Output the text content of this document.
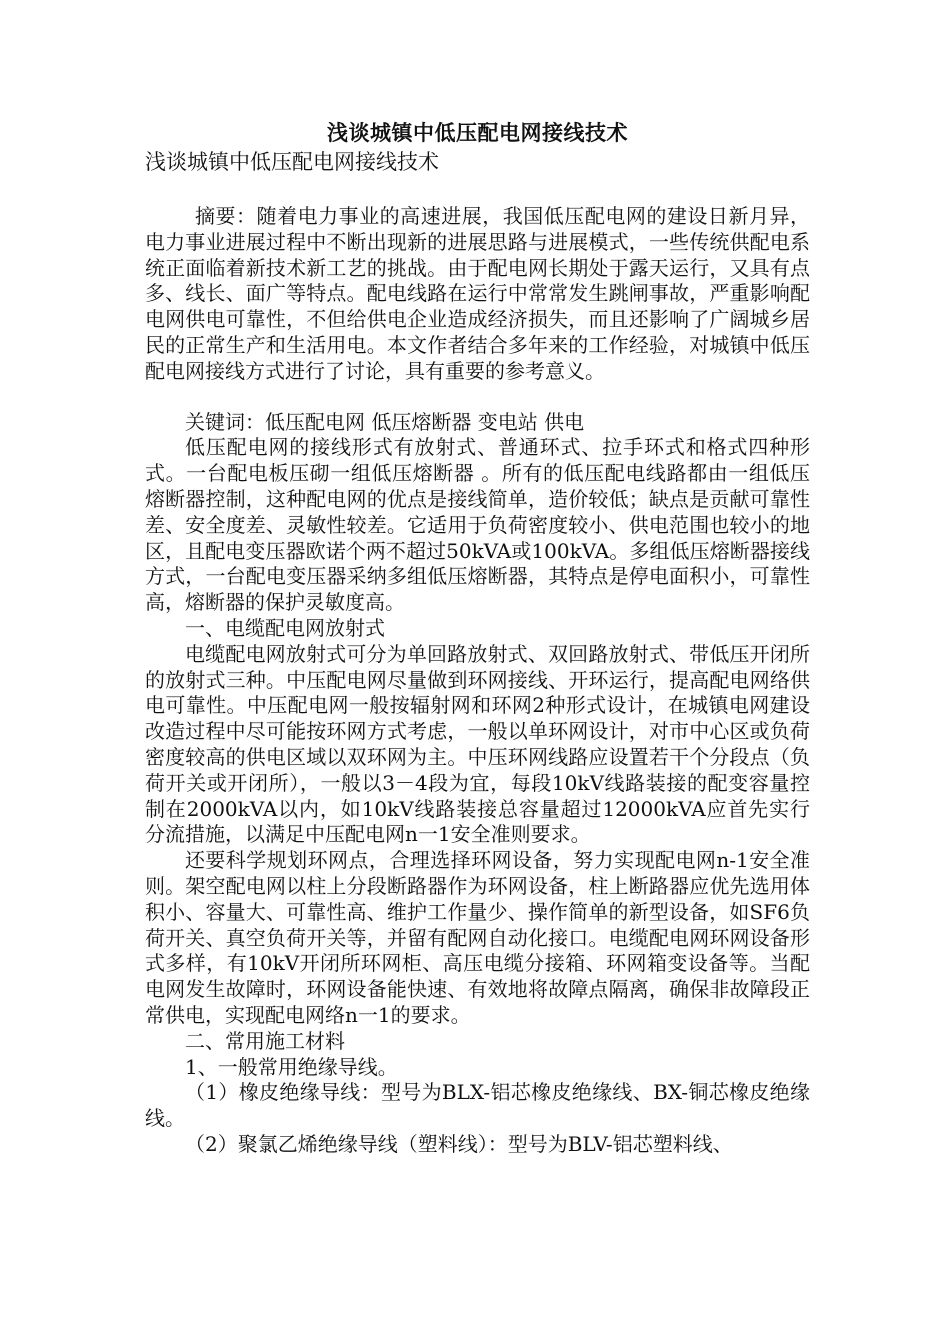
浅谈城镇中低压配电网接线技术
浅谈城镇中低压配电网接线技术

摘要：随着电力事业的高速进展，我国低压配电网的建设日新月异，电力事业进展过程中不断出现新的进展思路与进展模式，一些传统供配电系统正面临着新技术新工艺的挑战。由于配电网长期处于露天运行，又具有点多、线长、面广等特点。配电线路在运行中常常发生跳闸事故，严重影响配电网供电可靠性，不但给供电企业造成经济损失，而且还影响了广阔城乡居民的正常生产和生活用电。本文作者结合多年来的工作经验，对城镇中低压配电网接线方式进行了讨论，具有重要的参考意义。

关键词：低压配电网 低压熔断器 变电站 供电

低压配电网的接线形式有放射式、普通环式、拉手环式和格式四种形式。一台配电板压砌一组低压熔断器 。所有的低压配电线路都由一组低压熔断器控制，这种配电网的优点是接线简单，造价较低；缺点是贡献可靠性差、安全度差、灵敏性较差。它适用于负荷密度较小、供电范围也较小的地区，且配电变压器欧诺个两不超过50kVA或100kVA。多组低压熔断器接线方式，一台配电变压器采纳多组低压熔断器，其特点是停电面积小，可靠性高，熔断器的保护灵敏度高。

一、电缆配电网放射式

电缆配电网放射式可分为单回路放射式、双回路放射式、带低压开闭所的放射式三种。中压配电网尽量做到环网接线、开环运行，提高配电网络供电可靠性。中压配电网一般按辐射网和环网2种形式设计，在城镇电网建设改造过程中尽可能按环网方式考虑，一般以单环网设计，对市中心区或负荷密度较高的供电区域以双环网为主。中压环网线路应设置若干个分段点（负荷开关或开闭所），一般以3－4段为宜，每段10kV线路装接的配变容量控制在2000kVA以内，如10kV线路装接总容量超过12000kVA应首先实行分流措施，以满足中压配电网n一1安全准则要求。

还要科学规划环网点，合理选择环网设备，努力实现配电网n-1安全准则。架空配电网以柱上分段断路器作为环网设备，柱上断路器应优先选用体积小、容量大、可靠性高、维护工作量少、操作简单的新型设备，如SF6负荷开关、真空负荷开关等，并留有配网自动化接口。电缆配电网环网设备形式多样，有10kV开闭所环网柜、高压电缆分接箱、环网箱变设备等。当配电网发生故障时，环网设备能快速、有效地将故障点隔离，确保非故障段正常供电，实现配电网络n一1的要求。

二、常用施工材料

1、一般常用绝缘导线。

（1）橡皮绝缘导线：型号为BLX-铝芯橡皮绝缘线、BX-铜芯橡皮绝缘线。

（2）聚氯乙烯绝缘导线（塑料线）：型号为BLV-铝芯塑料线、
